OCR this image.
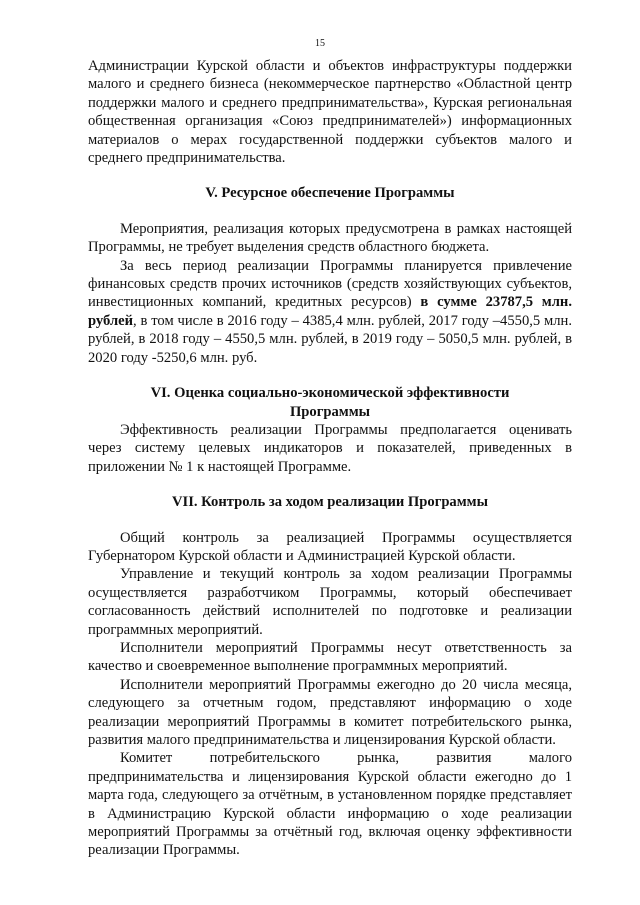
15

Администрации Курской области и объектов инфраструктуры поддержки малого и среднего бизнеса (некоммерческое партнерство «Областной центр поддержки малого и среднего предпринимательства», Курская региональная общественная организация «Союз предпринимателей») информационных материалов о мерах государственной поддержки субъектов малого и среднего предпринимательства.

V. Ресурсное обеспечение Программы

Мероприятия, реализация которых предусмотрена в рамках настоящей Программы, не требует выделения средств областного бюджета.

За весь период реализации Программы планируется привлечение финансовых средств прочих источников (средств хозяйствующих субъектов, инвестиционных компаний, кредитных ресурсов) в сумме 23787,5 млн. рублей, в том числе в 2016 году – 4385,4 млн. рублей, 2017 году –4550,5 млн. рублей, в 2018 году – 4550,5 млн. рублей, в 2019 году – 5050,5 млн. рублей, в 2020 году -5250,6 млн. руб.

VI. Оценка социально-экономической эффективности
Программы

Эффективность реализации Программы предполагается оценивать через систему целевых индикаторов и показателей, приведенных в приложении № 1 к настоящей Программе.

VII. Контроль за ходом реализации Программы

Общий контроль за реализацией Программы осуществляется Губернатором Курской области и Администрацией Курской области.

Управление и текущий контроль за ходом реализации Программы осуществляется разработчиком Программы, который обеспечивает согласованность действий исполнителей по подготовке и реализации программных мероприятий.

Исполнители мероприятий Программы несут ответственность за качество и своевременное выполнение программных мероприятий.

Исполнители мероприятий Программы ежегодно до 20 числа месяца, следующего за отчетным годом, представляют информацию о ходе реализации мероприятий Программы в комитет потребительского рынка, развития малого предпринимательства и лицензирования Курской области.

Комитет потребительского рынка, развития малого предпринимательства и лицензирования Курской области ежегодно до 1 марта года, следующего за отчётным, в установленном порядке представляет в Администрацию Курской области информацию о ходе реализации мероприятий Программы за отчётный год, включая оценку эффективности реализации Программы.
